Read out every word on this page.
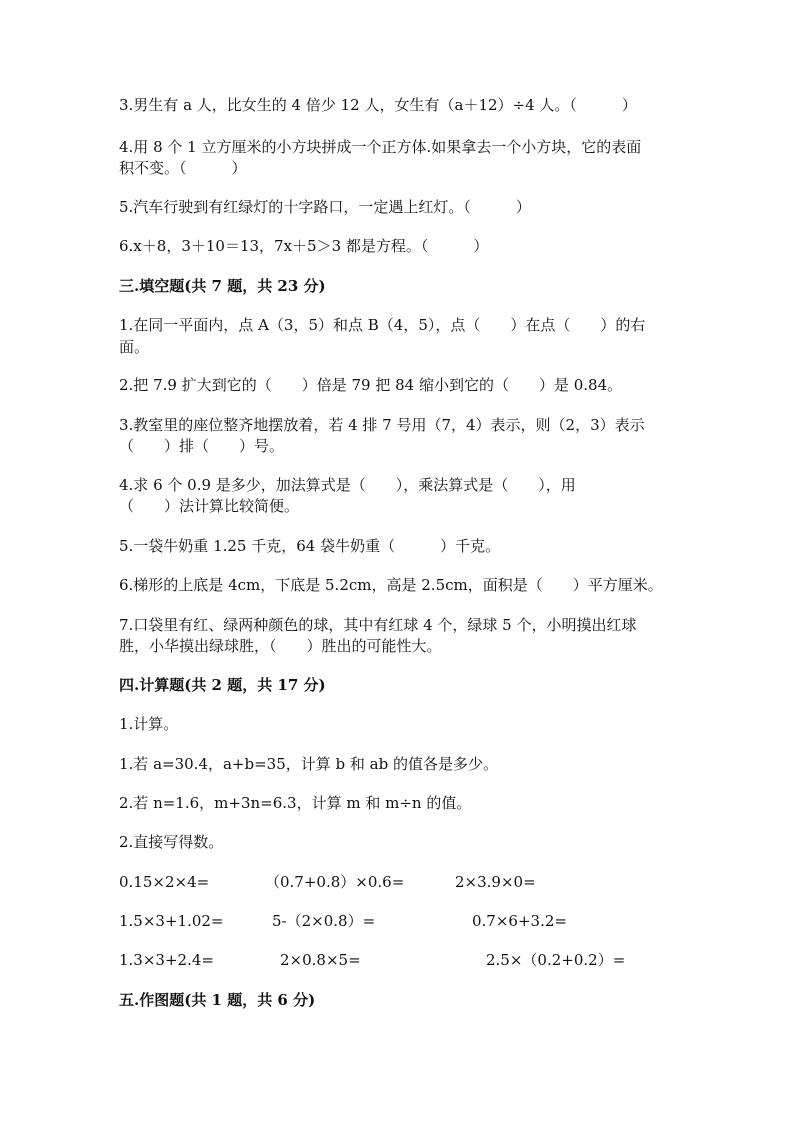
3.男生有 a 人，比女生的 4 倍少 12 人，女生有（a＋12）÷4 人。（　　　）
4.用 8 个 1 立方厘米的小方块拼成一个正方体.如果拿去一个小方块，它的表面
积不变。（　　　）
5.汽车行驶到有红绿灯的十字路口，一定遇上红灯。（　　　）
6.x＋8，3＋10＝13，7x＋5＞3 都是方程。（　　　）
三.填空题(共 7 题，共 23 分)
1.在同一平面内，点 A（3，5）和点 B（4，5），点（　　）在点（　　）的右
面。
2.把 7.9 扩大到它的（　　）倍是 79 把 84 缩小到它的（　　）是 0.84。
3.教室里的座位整齐地摆放着，若 4 排 7 号用（7，4）表示，则（2，3）表示
（　　）排（　　）号。
4.求 6 个 0.9 是多少，加法算式是（　　），乘法算式是（　　），用
（　　）法计算比较简便。
5.一袋牛奶重 1.25 千克，64 袋牛奶重（　　　）千克。
6.梯形的上底是 4cm，下底是 5.2cm，高是 2.5cm，面积是（　　）平方厘米。
7.口袋里有红、绿两种颜色的球，其中有红球 4 个，绿球 5 个，小明摸出红球
胜，小华摸出绿球胜，（　　）胜出的可能性大。
四.计算题(共 2 题，共 17 分)
1.计算。
1.若 a=30.4，a+b=35，计算 b 和 ab 的值各是多少。
2.若 n=1.6，m+3n=6.3，计算 m 和 m÷n 的值。
2.直接写得数。
0.15×2×4=	（0.7+0.8）×0.6=	2×3.9×0=
1.5×3+1.02=	5-（2×0.8）=	0.7×6+3.2=
1.3×3+2.4=	2×0.8×5=	2.5×（0.2+0.2）=
五.作图题(共 1 题，共 6 分)
